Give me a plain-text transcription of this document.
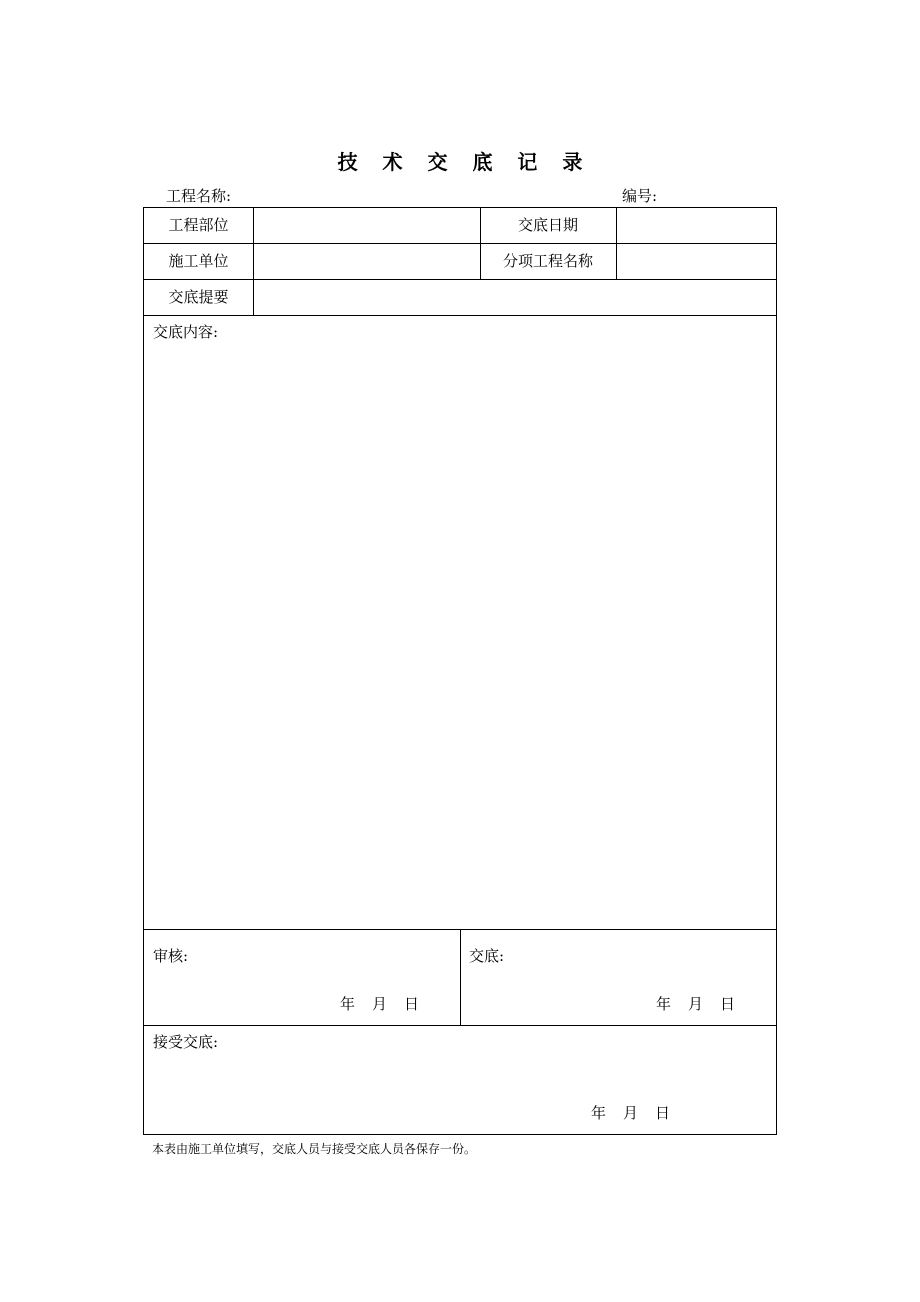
技 术 交 底 记 录
工程名称:	编号:
工程部位	交底日期
施工单位	分项工程名称
交底提要
交底内容:
审核:
年 月 日
交底:
年 月 日
接受交底:
年 月 日
本表由施工单位填写，交底人员与接受交底人员各保存一份。
